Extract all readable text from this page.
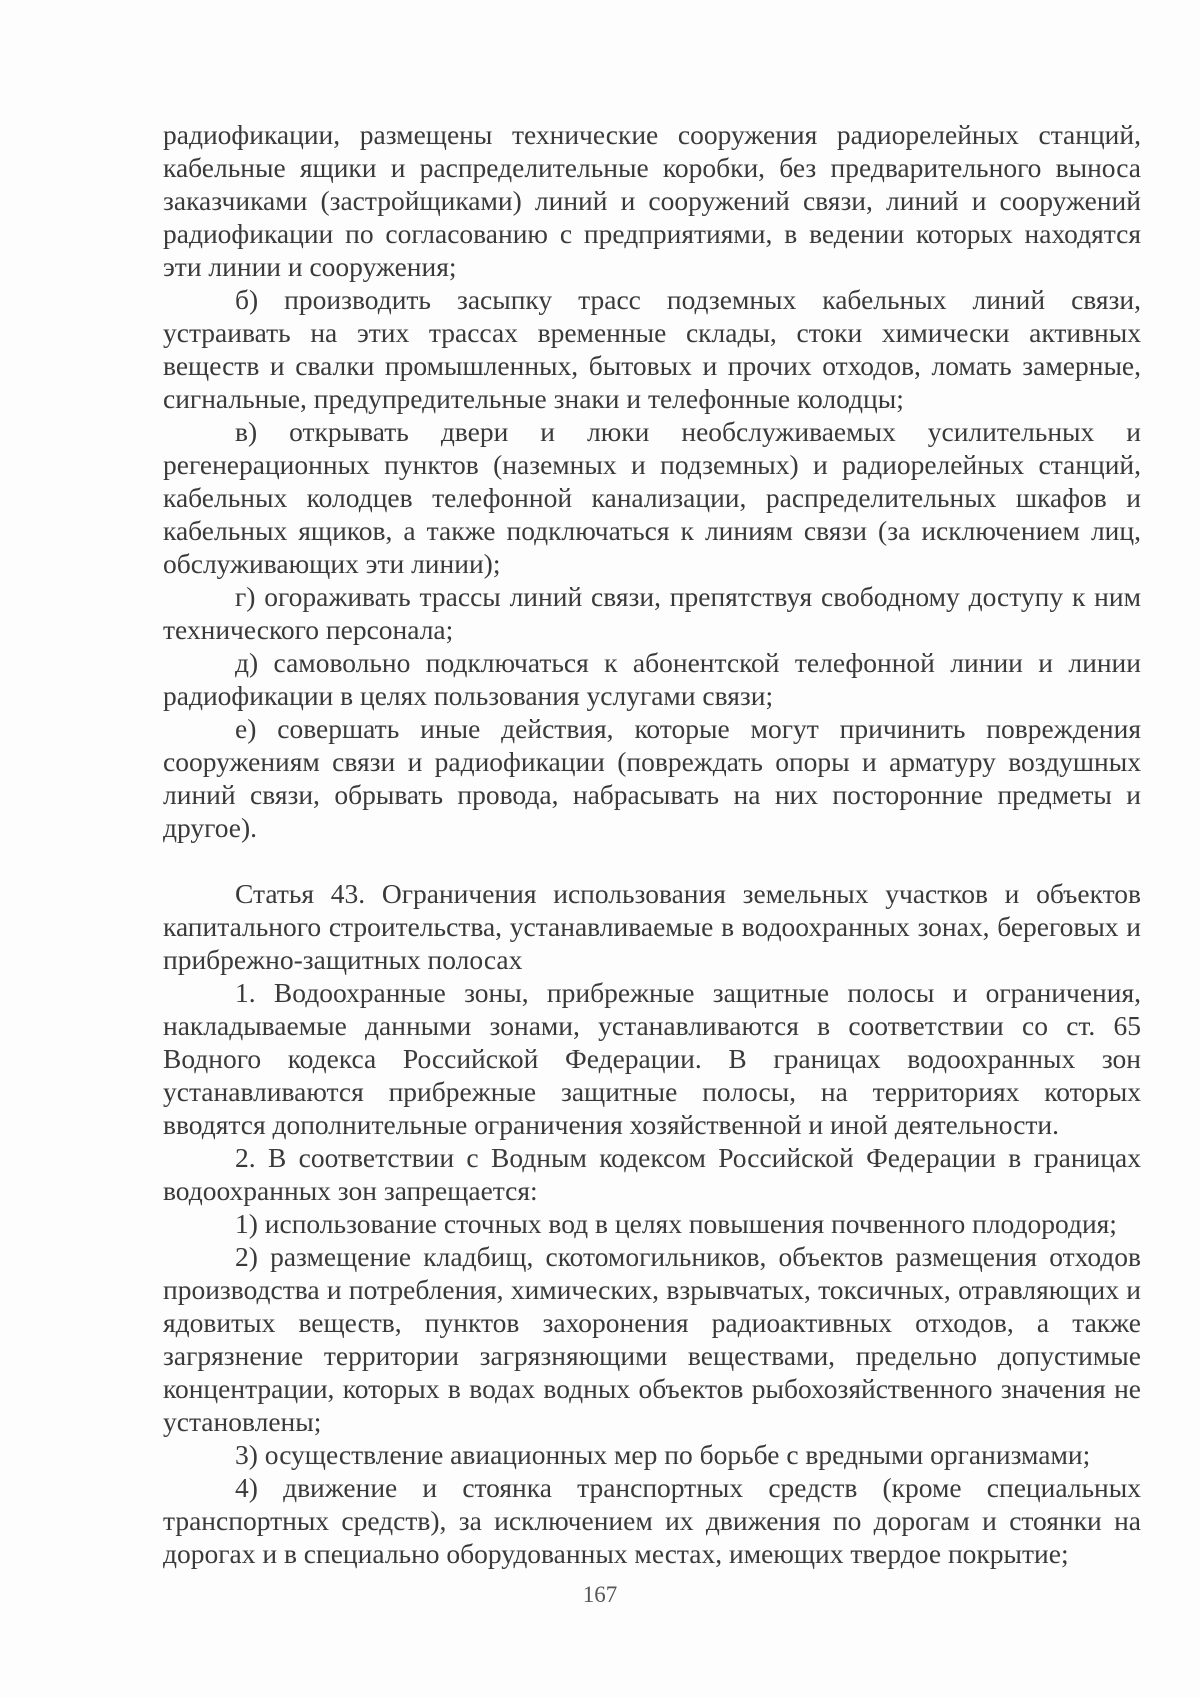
радиофикации, размещены технические сооружения радиорелейных станций, кабельные ящики и распределительные коробки, без предварительного выноса заказчиками (застройщиками) линий и сооружений связи, линий и сооружений радиофикации по согласованию с предприятиями, в ведении которых находятся эти линии и сооружения;

б) производить засыпку трасс подземных кабельных линий связи, устраивать на этих трассах временные склады, стоки химически активных веществ и свалки промышленных, бытовых и прочих отходов, ломать замерные, сигнальные, предупредительные знаки и телефонные колодцы;

в) открывать двери и люки необслуживаемых усилительных и регенерационных пунктов (наземных и подземных) и радиорелейных станций, кабельных колодцев телефонной канализации, распределительных шкафов и кабельных ящиков, а также подключаться к линиям связи (за исключением лиц, обслуживающих эти линии);

г) огораживать трассы линий связи, препятствуя свободному доступу к ним технического персонала;

д) самовольно подключаться к абонентской телефонной линии и линии радиофикации в целях пользования услугами связи;

е) совершать иные действия, которые могут причинить повреждения сооружениям связи и радиофикации (повреждать опоры и арматуру воздушных линий связи, обрывать провода, набрасывать на них посторонние предметы и другое).

Статья 43. Ограничения использования земельных участков и объектов капитального строительства, устанавливаемые в водоохранных зонах, береговых и прибрежно-защитных полосах

1. Водоохранные зоны, прибрежные защитные полосы и ограничения, накладываемые данными зонами, устанавливаются в соответствии со ст. 65 Водного кодекса Российской Федерации. В границах водоохранных зон устанавливаются прибрежные защитные полосы, на территориях которых вводятся дополнительные ограничения хозяйственной и иной деятельности.

2. В соответствии с Водным кодексом Российской Федерации в границах водоохранных зон запрещается:

1) использование сточных вод в целях повышения почвенного плодородия;

2) размещение кладбищ, скотомогильников, объектов размещения отходов производства и потребления, химических, взрывчатых, токсичных, отравляющих и ядовитых веществ, пунктов захоронения радиоактивных отходов, а также загрязнение территории загрязняющими веществами, предельно допустимые концентрации, которых в водах водных объектов рыбохозяйственного значения не установлены;

3) осуществление авиационных мер по борьбе с вредными организмами;

4) движение и стоянка транспортных средств (кроме специальных транспортных средств), за исключением их движения по дорогам и стоянки на дорогах и в специально оборудованных местах, имеющих твердое покрытие;

167
